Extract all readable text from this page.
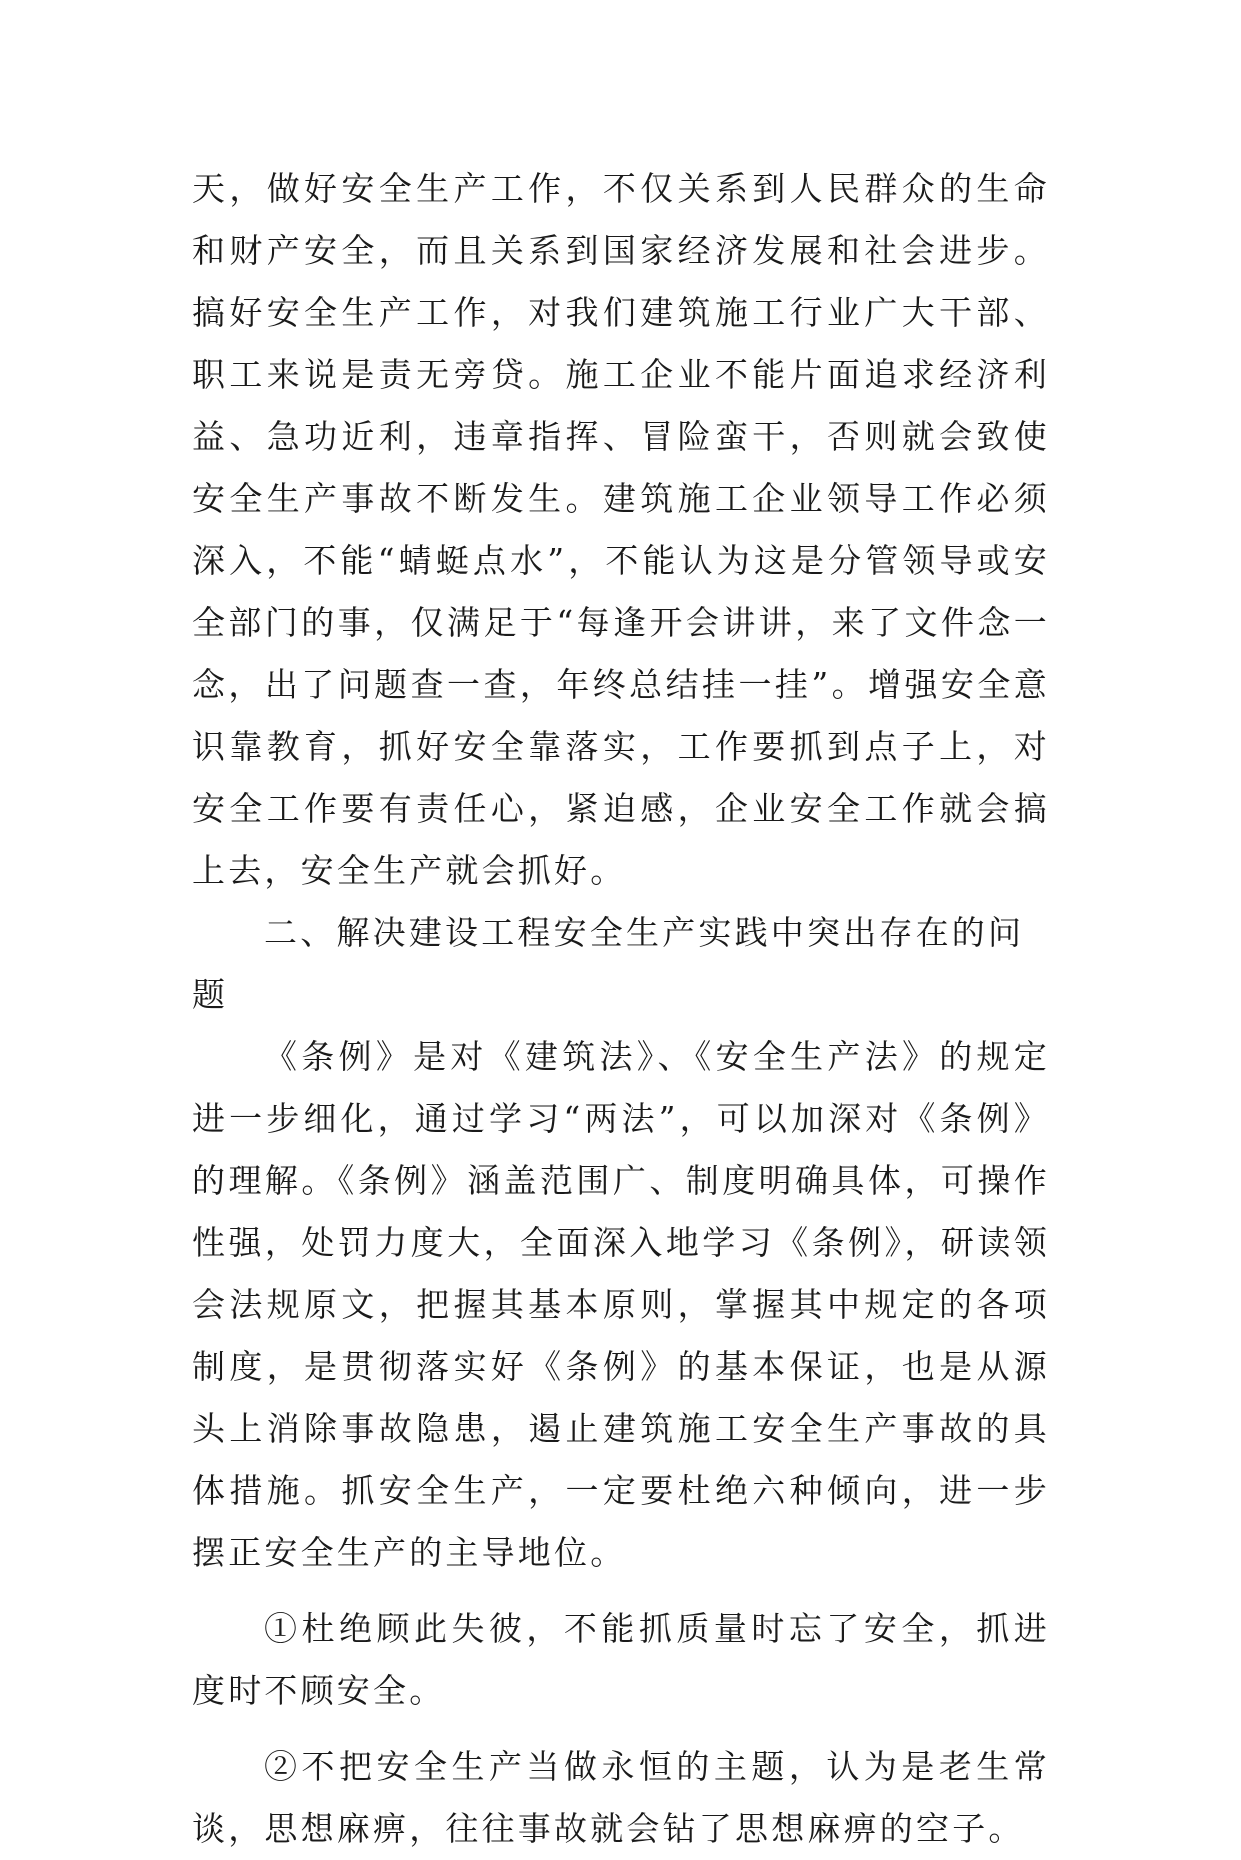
天，做好安全生产工作，不仅关系到人民群众的生命和财产安全，而且关系到国家经济发展和社会进步。搞好安全生产工作，对我们建筑施工行业广大干部、职工来说是责无旁贷。施工企业不能片面追求经济利益、急功近利，违章指挥、冒险蛮干，否则就会致使安全生产事故不断发生。建筑施工企业领导工作必须深入，不能“蜻蜓点水”，不能认为这是分管领导或安全部门的事，仅满足于“每逢开会讲讲，来了文件念一念，出了问题查一查，年终总结挂一挂”。增强安全意识靠教育，抓好安全靠落实，工作要抓到点子上，对安全工作要有责任心，紧迫感，企业安全工作就会搞上去，安全生产就会抓好。

二、解决建设工程安全生产实践中突出存在的问题

《条例》是对《建筑法》、《安全生产法》的规定进一步细化，通过学习“两法”，可以加深对《条例》的理解。《条例》涵盖范围广、制度明确具体，可操作性强，处罚力度大，全面深入地学习《条例》，研读领会法规原文，把握其基本原则，掌握其中规定的各项制度，是贯彻落实好《条例》的基本保证，也是从源头上消除事故隐患，遏止建筑施工安全生产事故的具体措施。抓安全生产，一定要杜绝六种倾向，进一步摆正安全生产的主导地位。

①杜绝顾此失彼，不能抓质量时忘了安全，抓进度时不顾安全。

②不把安全生产当做永恒的主题，认为是老生常谈，思想麻痹，往往事故就会钻了思想麻痹的空子。
